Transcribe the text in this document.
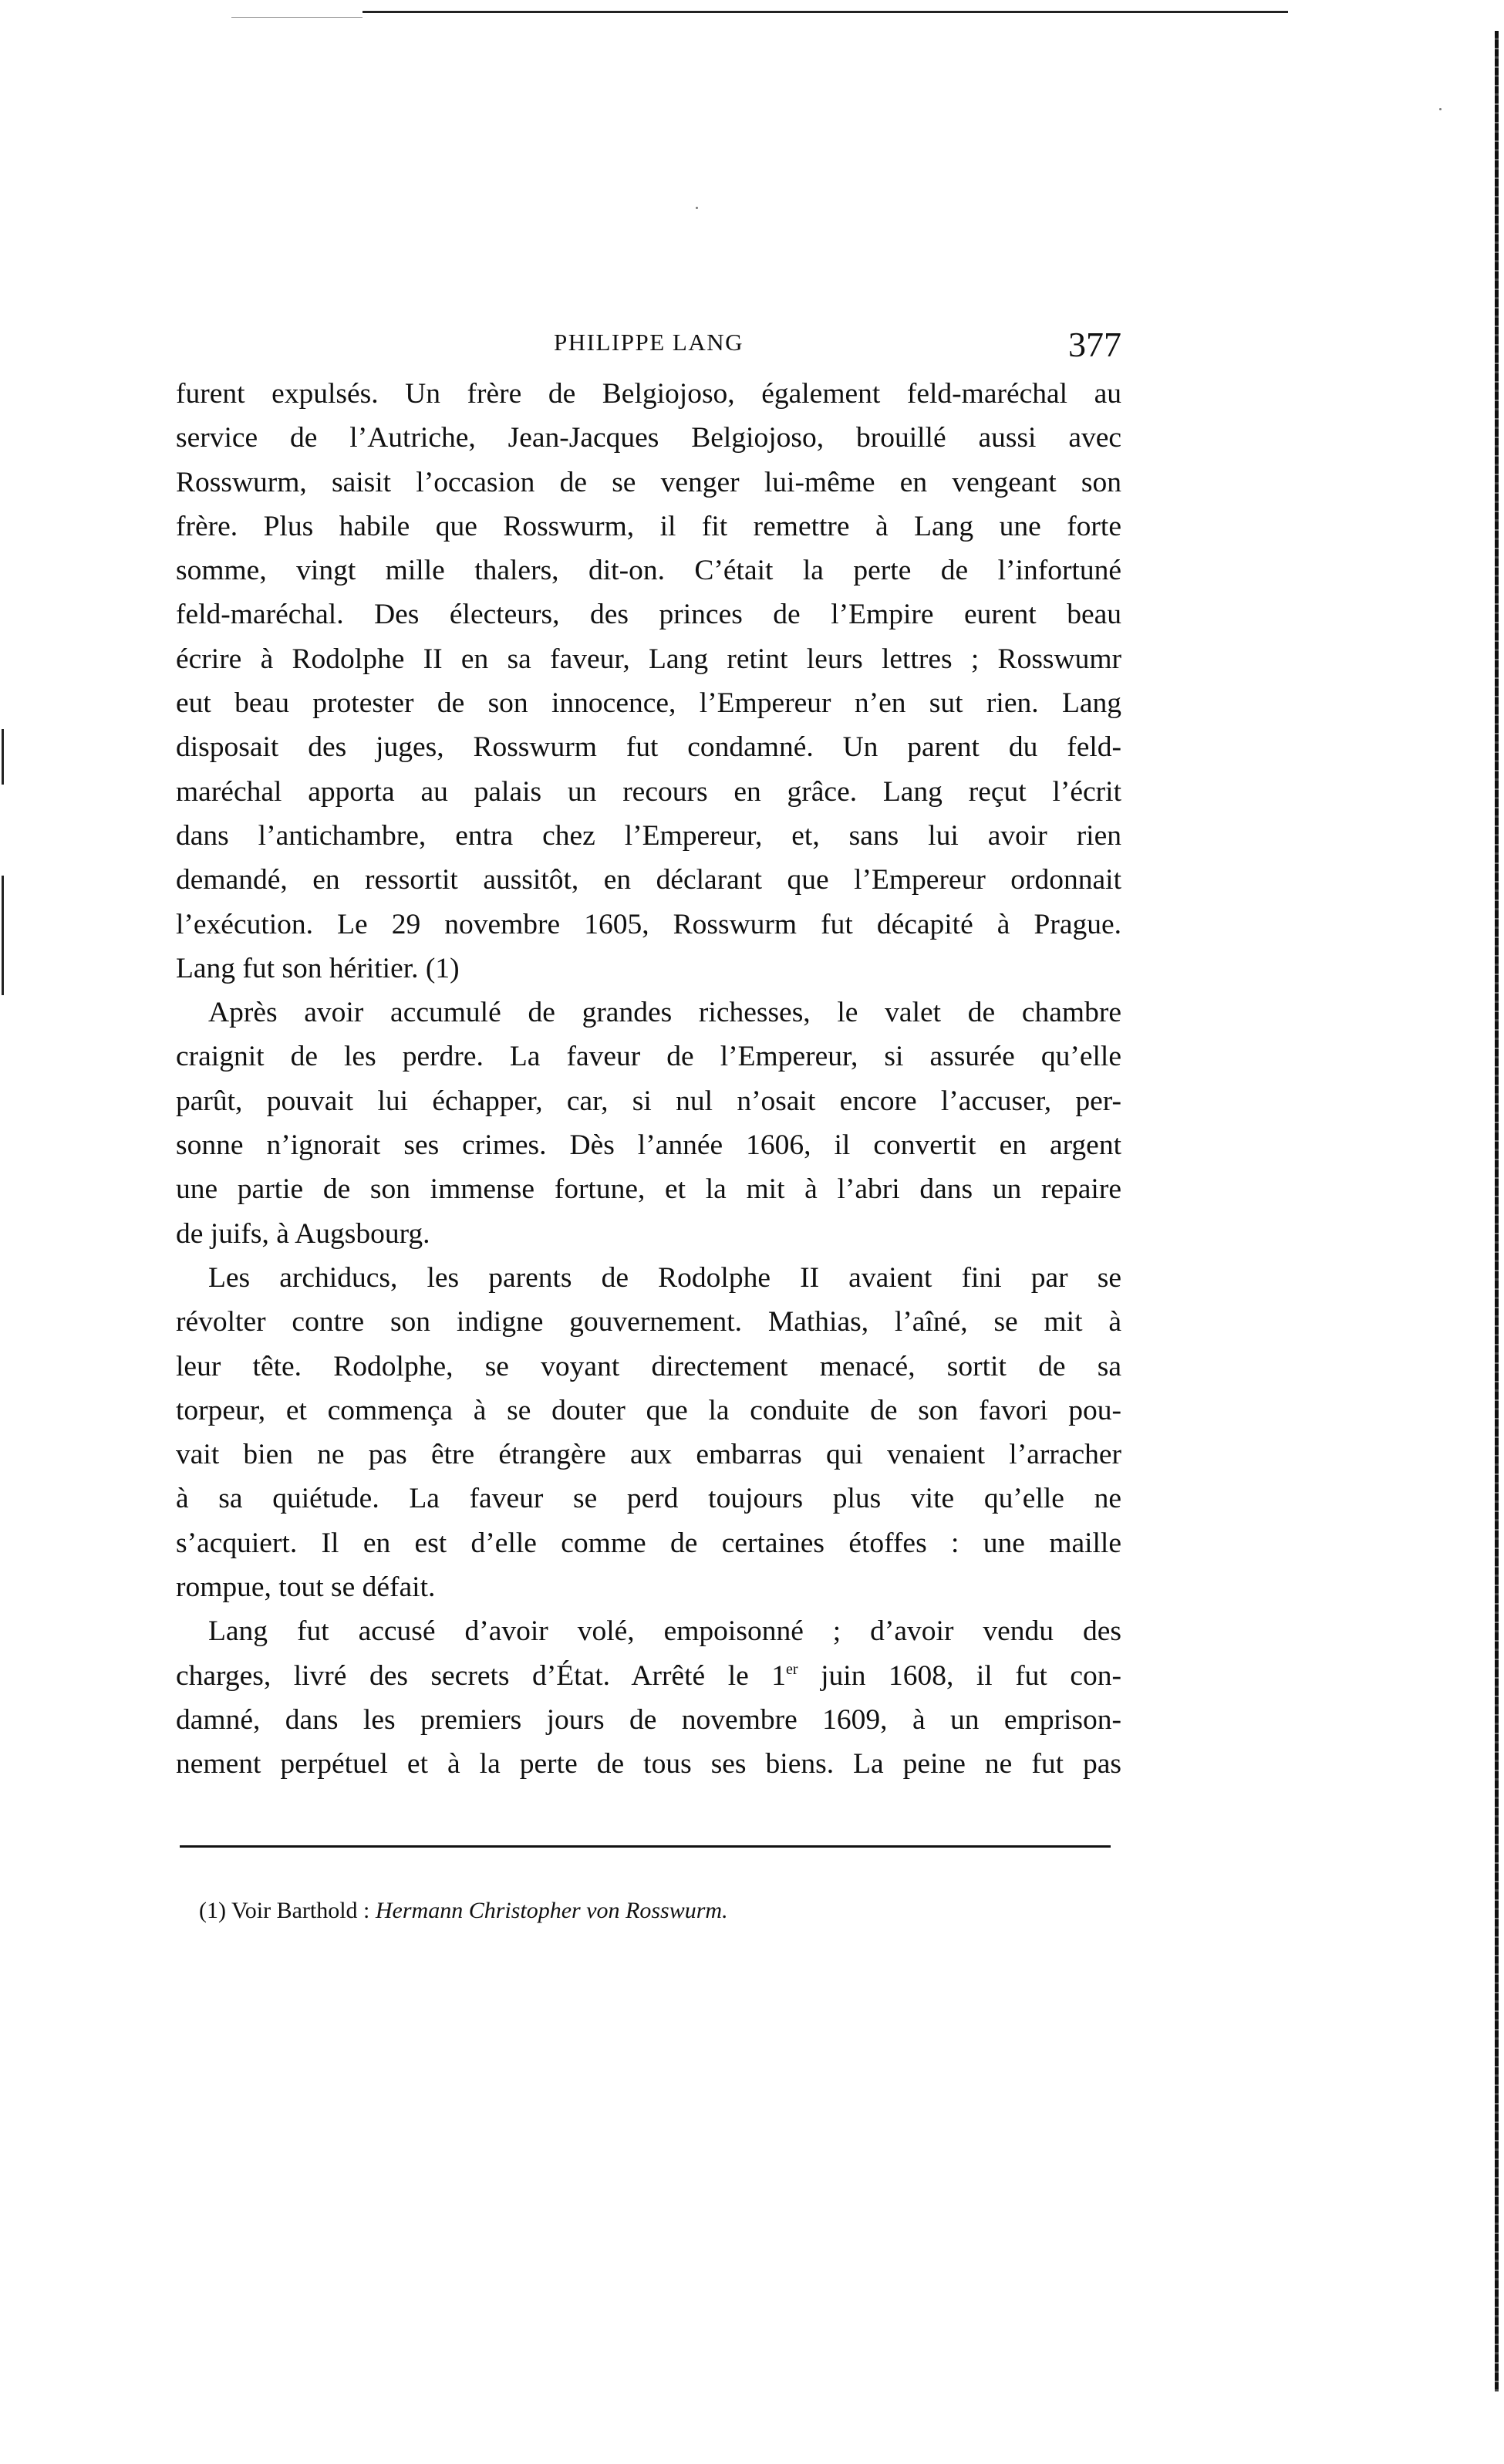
PHILIPPE LANG	377
furent expulsés. Un frère de Belgiojoso, également feld-maréchal au
service de l’Autriche, Jean-Jacques Belgiojoso, brouillé aussi avec
Rosswurm, saisit l’occasion de se venger lui-même en vengeant son
frère. Plus habile que Rosswurm, il fit remettre à Lang une forte
somme, vingt mille thalers, dit-on. C’était la perte de l’infortuné
feld-maréchal. Des électeurs, des princes de l’Empire eurent beau
écrire à Rodolphe II en sa faveur, Lang retint leurs lettres ; Rosswumr
eut beau protester de son innocence, l’Empereur n’en sut rien. Lang
disposait des juges, Rosswurm fut condamné. Un parent du feld-
maréchal apporta au palais un recours en grâce. Lang reçut l’écrit
dans l’antichambre, entra chez l’Empereur, et, sans lui avoir rien
demandé, en ressortit aussitôt, en déclarant que l’Empereur ordonnait
l’exécution. Le 29 novembre 1605, Rosswurm fut décapité à Prague.
Lang fut son héritier. (1)
Après avoir accumulé de grandes richesses, le valet de chambre
craignit de les perdre. La faveur de l’Empereur, si assurée qu’elle
parût, pouvait lui échapper, car, si nul n’osait encore l’accuser, per-
sonne n’ignorait ses crimes. Dès l’année 1606, il convertit en argent
une partie de son immense fortune, et la mit à l’abri dans un repaire
de juifs, à Augsbourg.
Les archiducs, les parents de Rodolphe II avaient fini par se
révolter contre son indigne gouvernement. Mathias, l’aîné, se mit à
leur tête. Rodolphe, se voyant directement menacé, sortit de sa
torpeur, et commença à se douter que la conduite de son favori pou-
vait bien ne pas être étrangère aux embarras qui venaient l’arracher
à sa quiétude. La faveur se perd toujours plus vite qu’elle ne
s’acquiert. Il en est d’elle comme de certaines étoffes : une maille
rompue, tout se défait.
Lang fut accusé d’avoir volé, empoisonné ; d’avoir vendu des
charges, livré des secrets d’État. Arrêté le 1er juin 1608, il fut con-
damné, dans les premiers jours de novembre 1609, à un emprison-
nement perpétuel et à la perte de tous ses biens. La peine ne fut pas
(1) Voir Barthold : Hermann Christopher von Rosswurm.
